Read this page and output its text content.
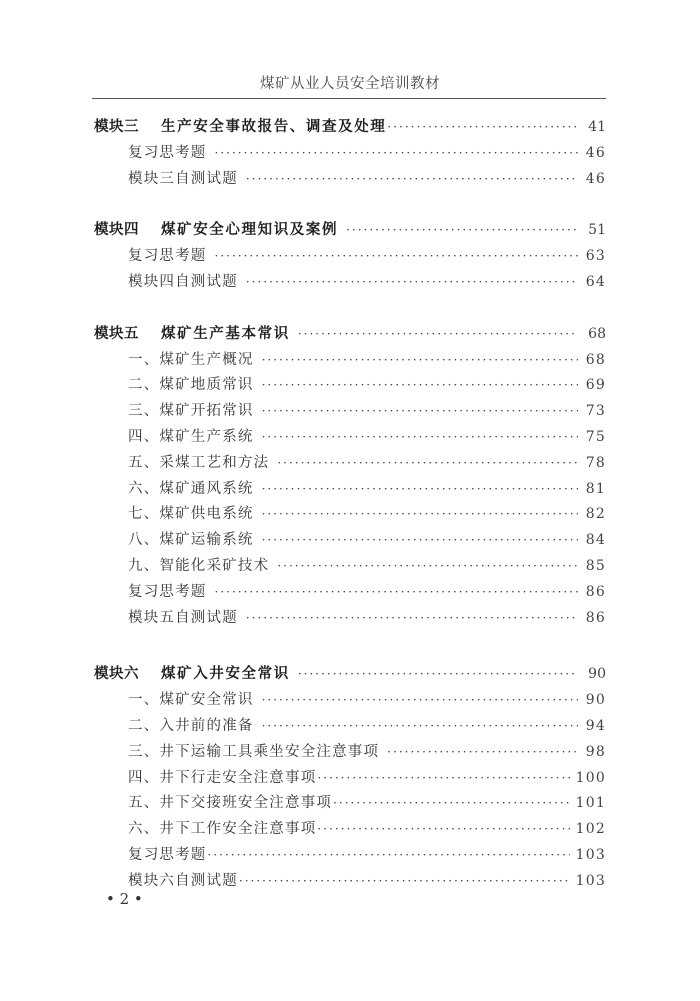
煤矿从业人员安全培训教材
模块三 生产安全事故报告、调查及处理 ·····	41
复习思考题 ·····	46
模块三自测试题 ·····	46
模块四 煤矿安全心理知识及案例 ·····	51
复习思考题 ·····	63
模块四自测试题 ·····	64
模块五 煤矿生产基本常识 ·····	68
一、煤矿生产概况 ·····	68
二、煤矿地质常识 ·····	69
三、煤矿开拓常识 ·····	73
四、煤矿生产系统 ·····	75
五、采煤工艺和方法 ·····	78
六、煤矿通风系统 ·····	81
七、煤矿供电系统 ·····	82
八、煤矿运输系统 ·····	84
九、智能化采矿技术 ·····	85
复习思考题 ·····	86
模块五自测试题 ·····	86
模块六 煤矿入井安全常识 ·····	90
一、煤矿安全常识 ·····	90
二、入井前的准备 ·····	94
三、井下运输工具乘坐安全注意事项 ·····	98
四、井下行走安全注意事项 ·····	100
五、井下交接班安全注意事项 ·····	101
六、井下工作安全注意事项 ·····	102
复习思考题 ·····	103
模块六自测试题 ·····	103
• 2 •
